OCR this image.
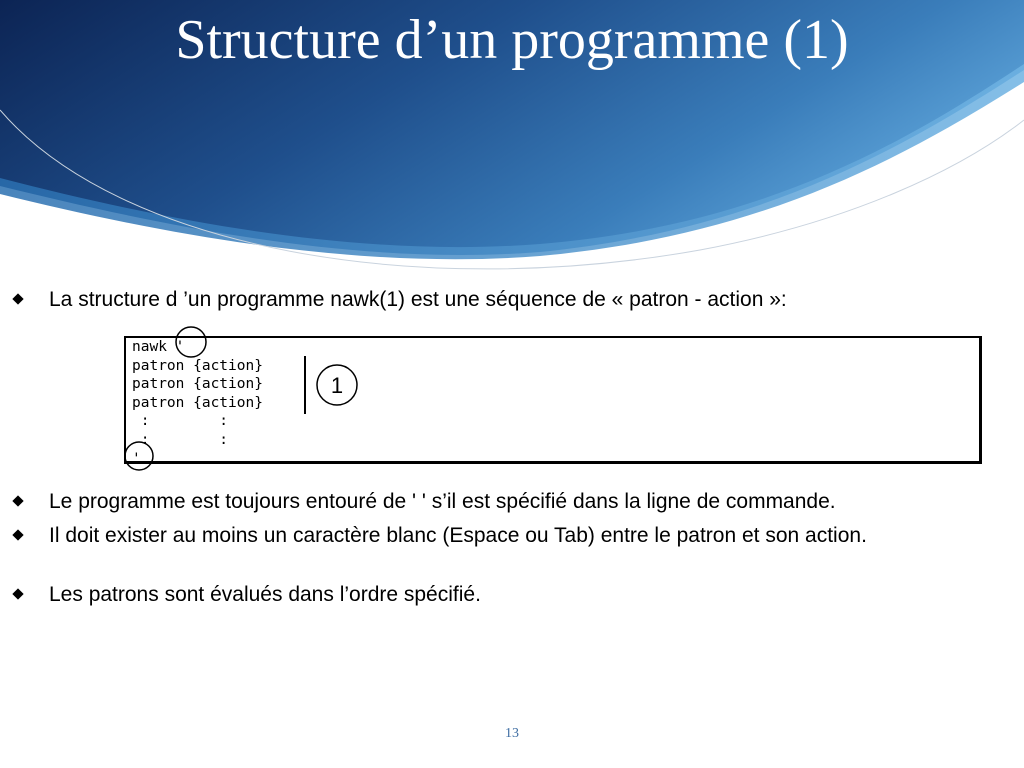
Structure d’un programme (1)
La structure d ’un programme nawk(1) est une séquence de « patron - action »:
nawk '
patron {action}
patron {action}
patron {action}
:        :
:        :
'
1
Le programme est toujours entouré de ' ' s’il est spécifié dans la ligne de commande.
Il doit exister au moins un caractère blanc (Espace ou Tab) entre le patron et son action.
Les patrons sont évalués dans l’ordre spécifié.
13
